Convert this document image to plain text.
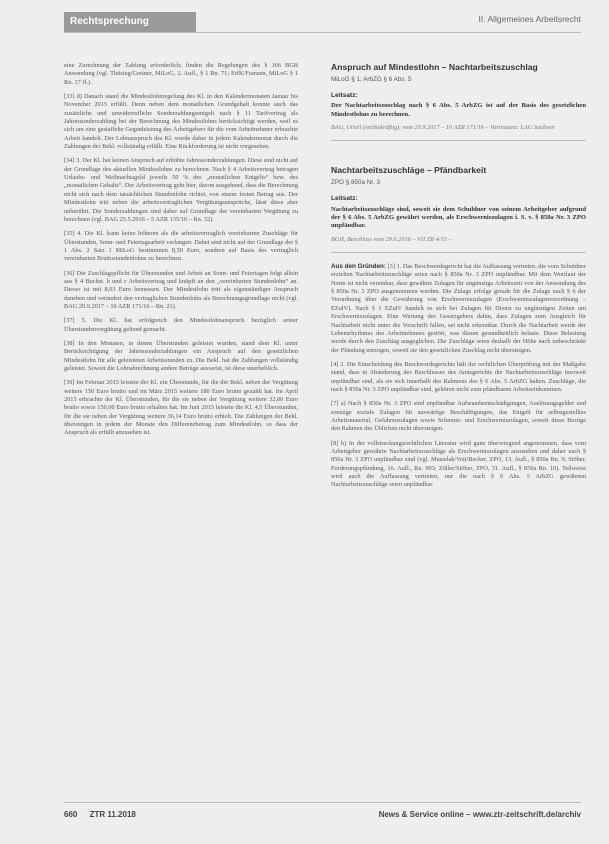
Rechtsprechung	II. Allgemeines Arbeitsrecht

eine Zurechnung der Zahlung erforderlich; finden die Regelungen des § 366 BGB Anwendung (vgl. Thüsing/Greiner, MiLoG, 2. Aufl., § 1 Rn. 71; ErfK/Franzen, MiLoG § 1 Rn. 17 ff.).

[33] d) Danach stand die Mindestlohnregelung des Kl. in den Kalendermonaten Januar bis November 2015 erfüllt. Denn neben dem monatlichen Grundgehalt konnte auch das zusätzliche und unwiderrufliche Sonderzahlungsentgelt nach § 11 Tarifvertrag als Jahressonderzahlung bei der Berechnung des Mindestlohns berücksichtigt werden, weil es sich um eine gestaffelte Gegenleistung des Arbeitgebers für die vom Arbeitnehmer erbrachte Arbeit handelt. Der Lohnanspruch des Kl. wurde daher in jedem Kalendermonat durch die Zahlungen der Bekl. vollständig erfüllt. Eine Rückforderung ist nicht vorgesehen.

[34] 3. Der Kl. hat keinen Anspruch auf erhöhte Jahressonderzahlungen. Diese sind nicht auf der Grundlage des aktuellen Mindestlohns zu berechnen. Nach § 4 Arbeitsvertrag betragen Urlaubs- und Weihnachtsgeld jeweils 50 % des „monatlichen Entgelts“ bzw. des „monatlichen Gehalts“. Der Arbeitsvertrag geht hier, davon ausgehend, dass die Berechnung nicht sich nach dem tatsächlichen Stundenlohn richtet, von einem festen Betrag aus. Der Mindestlohn tritt neben die arbeitsvertraglichen Vergütungsansprüche, lässt diese aber unberührt. Die Sonderzahlungen sind daher auf Grundlage der vereinbarten Vergütung zu berechnen (vgl. BAG 25.5.2016 – 5 AZR 135/16 – Rn. 32).

[35] 4. Die Kl. kann keine höheren als die arbeitsvertraglich vereinbarten Zuschläge für Überstunden, Sonn- und Feiertagsarbeit verlangen. Dabei sind nicht auf der Grundlage der § 1 Abs. 2 Satz 1 MiLoG bestimmten 8,50 Euro, sondern auf Basis des vertraglich vereinbarten Bruttostundenlohns zu berechnen.

[36] Die Zuschlagspflicht für Überstunden und Arbeit an Sonn- und Feiertagen folgt allein aus § 4 Buchst. b und c Arbeitsvertrag und knüpft an den „vereinbarten Stundenlohn“ an. Dieser ist mit 8,03 Euro bemessen. Der Mindestlohn tritt als eigenständiger Anspruch daneben und verändert den vertraglichen Stundenlohn als Berechnungsgrundlage nicht (vgl. BAG 20.9.2017 – 10 AZR 171/16 – Rn. 21).

[37] 5. Die Kl. hat erfolgreich den Mindestlohnanspruch bezüglich seiner Überstundenvergütung geltend gemacht.

[38] In den Monaten, in denen Überstunden geleistet wurden, stand dem Kl. unter Berücksichtigung der Jahressonderzahlungen ein Anspruch auf den gesetzlichen Mindestlohn für alle geleisteten Arbeitsstunden zu. Die Bekl. hat die Zahlungen vollständig geleistet. Soweit die Lohnabrechnung andere Beträge ausweist, ist diese unerheblich.

[39] Im Februar 2015 leistete der Kl. ein Überstunde, für die der Bekl. neben der Vergütung weitere 150 Euro brutto und im März 2015 weitere 180 Euro brutto gezahlt hat. Im April 2015 erbrachte der Kl. Überstunden, für die sie neben der Vergütung weitere 32,00 Euro brutto sowie 150,00 Euro brutto erhalten hat. Im Juni 2015 leistete die Kl. 4,5 Überstunden, für die sie neben der Vergütung weitere 36,14 Euro brutto erhielt. Die Zahlungen der Bekl. übersteigen in jedem der Monate den Differenzbetrag zum Mindestlohn, so dass der Anspruch als erfüllt anzusehen ist.

Anspruch auf Mindestlohn – Nachtarbeitszuschlag
MiLoG § 1; ArbZG § 6 Abs. 5
Leitsatz:
Der Nachtarbeitszuschlag nach § 6 Abs. 5 ArbZG ist auf der Basis des gesetzlichen Mindestlohns zu berechnen.
BAG, Urteil (rechtskräftig), vom 20.9.2017 – 10 AZR 171/16 – Vorinstanz: LAG Sachsen
Nachtarbeitszuschläge – Pfändbarkeit
ZPO § 850a Nr. 3
Leitsatz:
Nachtarbeitszuschläge sind, soweit sie dem Schuldner von seinem Arbeitgeber aufgrund der § 6 Abs. 5 ArbZG gewährt werden, als Erschwerniszulagen i. S. v. § 850a Nr. 3 ZPO unpfändbar.
BGH, Beschluss vom 29.6.2016 – VII ZB 4/15 –

Aus den Gründen: [3] 1. Das Beschwerdegericht hat die Auffassung vertreten, die vom Schuldner erzielten Nachtarbeitszuschläge seien nach § 850a Nr. 3 ZPO unpfändbar. Mit dem Wortlaut der Norm ist nicht vereinbar, dass gewährte Zulagen für ungünstige Arbeitszeit von der Anwendung des § 850a Nr. 3 ZPO ausgenommen werden. Die Zulage erfolge gerade für die Zulage nach § 6 der Verordnung über die Gewährung von Erschwerniszulagen (Erschwerniszulagenverordnung – EZulV). Nach § 1 EZulV handelt es sich bei Zulagen für Dienst zu ungünstigen Zeiten um Erschwerniszulagen. Eine Wertung des Gesetzgebers dahin, dass Zulagen zum Ausgleich für Nachtarbeit nicht unter die Vorschrift fallen, sei nicht erkennbar. Durch die Nachtarbeit werde der Lebensrhythmus des Arbeitnehmers gestört, was diesen gesundheitlich belaste. Diese Belastung werde durch den Zuschlag ausgeglichen. Die Zuschläge seien deshalb der Höhe nach unbeschränkt der Pfändung entzogen, soweit sie den gesetzlichen Zuschlag nicht übersteigen.

[4] 2. Die Entscheidung des Beschwerdegerichts hält der rechtlichen Überprüfung mit der Maßgabe stand, dass in Abänderung des Beschlusses des Amtsgerichts die Nachtarbeitszuschläge insoweit unpfändbar sind, als sie sich innerhalb des Rahmens des § 6 Abs. 5 ArbZG halten. Zuschläge, die nach § 850a Nr. 3 ZPO unpfändbar sind, gehören nicht zum pfändbaren Arbeitseinkommen.

[7] a) Nach § 850a Nr. 3 ZPO sind unpfändbar Aufwandsentschädigungen, Auslösungsgelder und sonstige soziale Zulagen für auswärtige Beschäftigungen, das Entgelt für selbstgestelltes Arbeitsmaterial, Gefahrenzulagen sowie Schmutz- und Erschwerniszulagen, soweit diese Bezüge den Rahmen des Üblichen nicht übersteigen.

[8] b) In der vollstreckungsrechtlichen Literatur wird ganz überwiegend angenommen, dass vom Arbeitgeber gewährte Nachtarbeitszuschläge als Erschwerniszulagen anzusehen und daher nach § 850a Nr. 3 ZPO unpfändbar sind (vgl. Musielak/Voit/Becker, ZPO, 13. Aufl., § 850a Rn. 9; Stöber, Forderungspfändung, 16. Aufl., Rn. 993; Zöller/Stöber, ZPO, 31. Aufl., § 850a Rn. 10). Teilweise wird auch die Auffassung vertreten, nur die nach § 6 Abs. 5 ArbZG gewährten Nachtarbeitszuschläge seien unpfändbar.

660 ZTR 11.2018	News & Service online – www.ztr-zeitschrift.de/archiv
